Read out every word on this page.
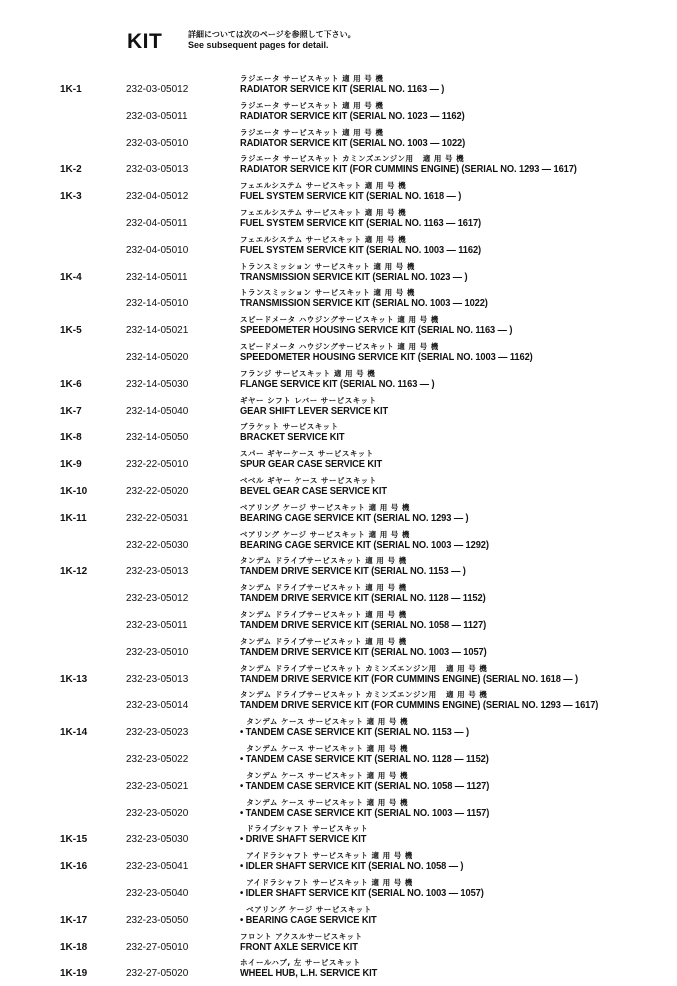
KIT	詳細については次のページを参照して下さい。
See subsequent pages for detail.
ラジエータ サービスキット 適 用 号 機
1K-1	232-03-05012	RADIATOR SERVICE KIT (SERIAL NO. 1163 — )
ラジエータ サービスキット 適 用 号 機
232-03-05011	RADIATOR SERVICE KIT (SERIAL NO. 1023 — 1162)
ラジエータ サービスキット 適 用 号 機
232-03-05010	RADIATOR SERVICE KIT (SERIAL NO. 1003 — 1022)
ラジエータ サービスキット カミンズエンジン用   適 用 号 機
1K-2	232-03-05013	RADIATOR SERVICE KIT (FOR CUMMINS ENGINE) (SERIAL NO. 1293 — 1617)
フェエルシステム サービスキット 適 用 号 機
1K-3	232-04-05012	FUEL SYSTEM SERVICE KIT (SERIAL NO. 1618 — )
フェエルシステム サービスキット 適 用 号 機
232-04-05011	FUEL SYSTEM SERVICE KIT (SERIAL NO. 1163 — 1617)
フェエルシステム サービスキット 適 用 号 機
232-04-05010	FUEL SYSTEM SERVICE KIT (SERIAL NO. 1003 — 1162)
トランスミッション サービスキット 適 用 号 機
1K-4	232-14-05011	TRANSMISSION SERVICE KIT (SERIAL NO. 1023 — )
トランスミッション サービスキット 適 用 号 機
232-14-05010	TRANSMISSION SERVICE KIT (SERIAL NO. 1003 — 1022)
スピードメータ ハウジングサービスキット 適 用 号 機
1K-5	232-14-05021	SPEEDOMETER HOUSING SERVICE KIT (SERIAL NO. 1163 — )
スピードメータ ハウジングサービスキット 適 用 号 機
232-14-05020	SPEEDOMETER HOUSING SERVICE KIT (SERIAL NO. 1003 — 1162)
フランジ サービスキット 適 用 号 機
1K-6	232-14-05030	FLANGE SERVICE KIT (SERIAL NO. 1163 — )
ギヤー シフト レバー サービスキット
1K-7	232-14-05040	GEAR SHIFT LEVER SERVICE KIT
ブラケット サービスキット
1K-8	232-14-05050	BRACKET SERVICE KIT
スパー ギヤーケース サービスキット
1K-9	232-22-05010	SPUR GEAR CASE SERVICE KIT
ベベル ギヤー ケース サービスキット
1K-10	232-22-05020	BEVEL GEAR CASE SERVICE KIT
ベアリング ケージ サービスキット 適 用 号 機
1K-11	232-22-05031	BEARING CAGE SERVICE KIT (SERIAL NO. 1293 — )
ベアリング ケージ サービスキット 適 用 号 機
232-22-05030	BEARING CAGE SERVICE KIT (SERIAL NO. 1003 — 1292)
タンデム ドライブサービスキット 適 用 号 機
1K-12	232-23-05013	TANDEM DRIVE SERVICE KIT (SERIAL NO. 1153 — )
タンデム ドライブサービスキット 適 用 号 機
232-23-05012	TANDEM DRIVE SERVICE KIT (SERIAL NO. 1128 — 1152)
タンデム ドライブサービスキット 適 用 号 機
232-23-05011	TANDEM DRIVE SERVICE KIT (SERIAL NO. 1058 — 1127)
タンデム ドライブサービスキット 適 用 号 機
232-23-05010	TANDEM DRIVE SERVICE KIT (SERIAL NO. 1003 — 1057)
タンデム ドライブサービスキット カミンズエンジン用   適 用 号 機
1K-13	232-23-05013	TANDEM DRIVE SERVICE KIT (FOR CUMMINS ENGINE) (SERIAL NO. 1618 — )
タンデム ドライブサービスキット カミンズエンジン用   適 用 号 機
232-23-05014	TANDEM DRIVE SERVICE KIT (FOR CUMMINS ENGINE) (SERIAL NO. 1293 — 1617)
タンデム ケース サービスキット 適 用 号 機
1K-14	232-23-05023	• TANDEM CASE SERVICE KIT (SERIAL NO. 1153 — )
タンデム ケース サービスキット 適 用 号 機
232-23-05022	• TANDEM CASE SERVICE KIT (SERIAL NO. 1128 — 1152)
タンデム ケース サービスキット 適 用 号 機
232-23-05021	• TANDEM CASE SERVICE KIT (SERIAL NO. 1058 — 1127)
タンデム ケース サービスキット 適 用 号 機
232-23-05020	• TANDEM CASE SERVICE KIT (SERIAL NO. 1003 — 1157)
ドライブシャフト サービスキット
1K-15	232-23-05030	• DRIVE SHAFT SERVICE KIT
アイドラシャフト サービスキット 適 用 号 機
1K-16	232-23-05041	• IDLER SHAFT SERVICE KIT (SERIAL NO. 1058 — )
アイドラシャフト サービスキット 適 用 号 機
232-23-05040	• IDLER SHAFT SERVICE KIT (SERIAL NO. 1003 — 1057)
ベアリング ケージ サービスキット
1K-17	232-23-05050	• BEARING CAGE SERVICE KIT
フロント アクスルサービスキット
1K-18	232-27-05010	FRONT AXLE SERVICE KIT
ホイールハブ, 左 サービスキット
1K-19	232-27-05020	WHEEL HUB, L.H. SERVICE KIT
